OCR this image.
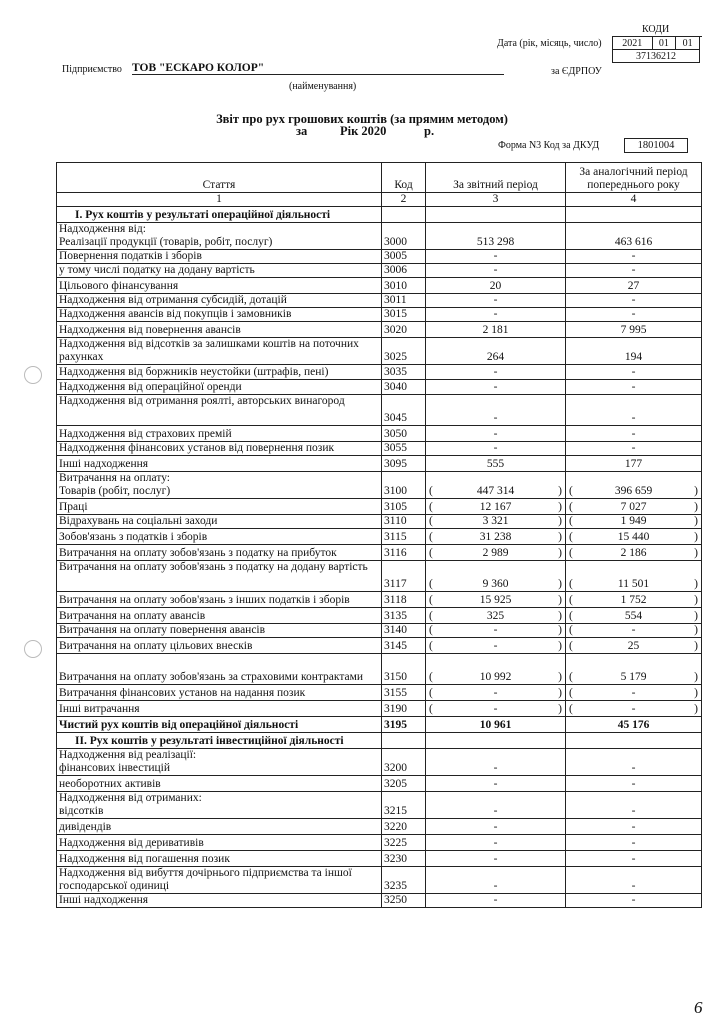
КОДИ
Дата (рік, місяць, число) 2021	01	01
37136212
Підприємство ТОВ "ЕСКАРО КОЛОР"	за ЄДРПОУ
(найменування)
Звіт про рух грошових коштів (за прямим методом)
за	Рік 2020	р.
Форма N3 Код за ДКУД	1801004
Стаття	Код	За звітний період	За аналогічний період попереднього року
1	2	3	4
I. Рух коштів у результаті операційної діяльності			
Надходження від:
Реалізації продукції (товарів, робіт, послуг)	3000	513 298	463 616
Повернення податків і зборів	3005	-	-
у тому числі податку на додану вартість	3006	-	-
Цільового фінансування	3010	20	27
Надходження від отримання субсидій, дотацій	3011	-	-
Надходження авансів від покупців і замовників	3015	-	-
Надходження від повернення авансів	3020	2 181	7 995
Надходження від відсотків за залишками коштів на поточних рахунках	3025	264	194
Надходження від боржників неустойки (штрафів, пені)	3035	-	-
Надходження від операційної оренди	3040	-	-
Надходження від отримання роялті, авторських винагород	3045	-	-
Надходження від страхових премій	3050	-	-
Надходження фінансових установ від повернення позик	3055	-	-
Інші надходження	3095	555	177
Витрачання на оплату:
Товарів (робіт, послуг)	3100	( 447 314 )	( 396 659 )
Праці	3105	( 12 167 )	( 7 027 )
Відрахувань на соціальні заходи	3110	( 3 321 )	( 1 949 )
Зобов'язань з податків і зборів	3115	( 31 238 )	( 15 440 )
Витрачання на оплату зобов'язань з податку на прибуток	3116	( 2 989 )	( 2 186 )
Витрачання на оплату зобов'язань з податку на додану вартість	3117	( 9 360 )	( 11 501 )
Витрачання на оплату зобов'язань з інших податків і зборів	3118	( 15 925 )	( 1 752 )
Витрачання на оплату авансів	3135	( 325 )	( 554 )
Витрачання на оплату повернення авансів	3140	( - )	( - )
Витрачання на оплату цільових внесків	3145	( - )	( 25 )
Витрачання на оплату зобов'язань за страховими контрактами	3150	( 10 992 )	( 5 179 )
Витрачання фінансових установ на надання позик	3155	( - )	( - )
Інші витрачання	3190	( - )	( - )
Чистий рух коштів від операційної діяльності	3195	10 961	45 176
II. Рух коштів у результаті інвестиційної діяльності			
Надходження від реалізації:
фінансових інвестицій	3200	-	-
необоротних активів	3205	-	-
Надходження від отриманих:
відсотків	3215	-	-
дивідендів	3220	-	-
Надходження від деривативів	3225	-	-
Надходження від погашення позик	3230	-	-
Надходження від вибуття дочірнього підприємства та іншої господарської одиниці	3235	-	-
Інші надходження	3250	-	-
6
